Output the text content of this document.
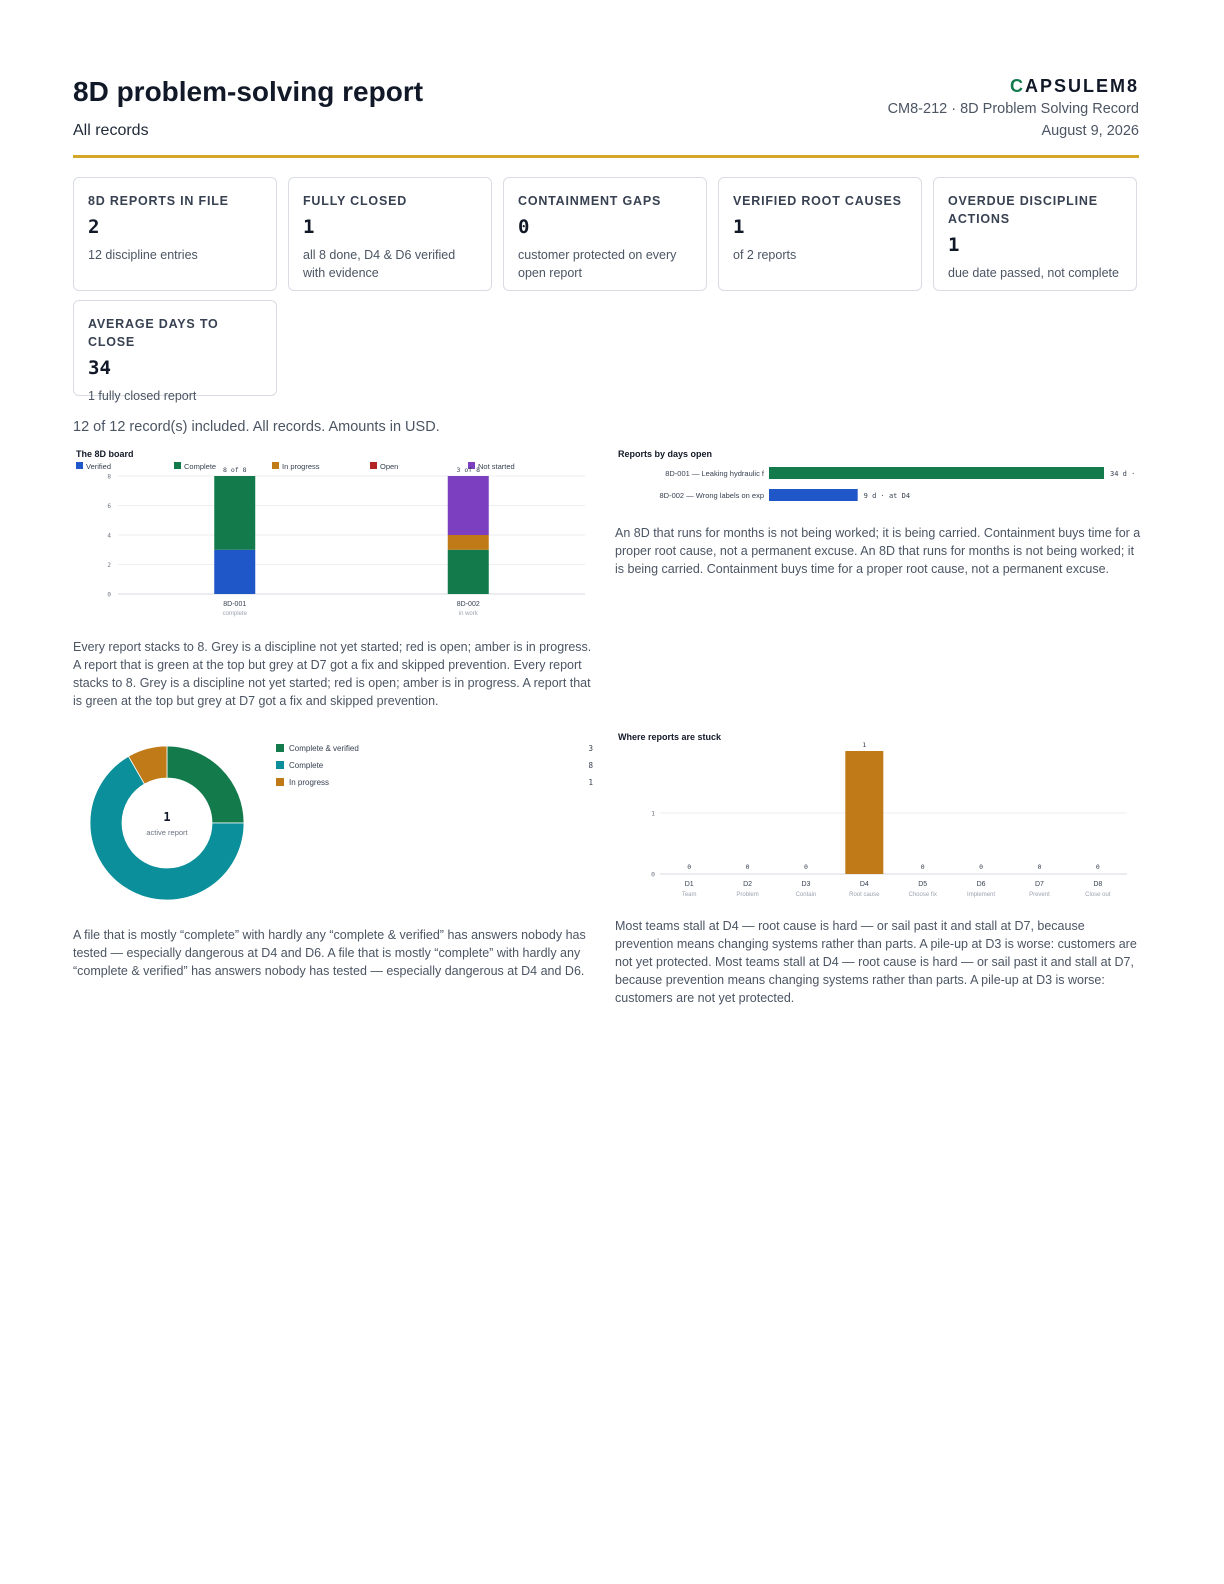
8D problem-solving report
All records
CAPSULEM8
CM8-212 · 8D Problem Solving Record
August 9, 2026
8D REPORTS IN FILE
2
12 discipline entries
FULLY CLOSED
1
all 8 done, D4 & D6 verified with evidence
CONTAINMENT GAPS
0
customer protected on every open report
VERIFIED ROOT CAUSES
1
of 2 reports
OVERDUE DISCIPLINE ACTIONS
1
due date passed, not complete
AVERAGE DAYS TO CLOSE
34
1 fully closed report
12 of 12 record(s) included. All records. Amounts in USD.
The 8D board
Verified	Complete	In progress	Open	Not started
0
2
4
6
8
8 of 8
8D-001
complete
3 of 8
8D-002
in work
Every report stacks to 8. Grey is a discipline not yet started; red is open; amber is in progress. A report that is green at the top but grey at D7 got a fix and skipped prevention. Every report stacks to 8. Grey is a discipline not yet started; red is open; amber is in progress. A report that is green at the top but grey at D7 got a fix and skipped prevention.
Reports by days open
8D-001 — Leaking hydraulic f	34 d ·
8D-002 — Wrong labels on exp	9 d · at D4
An 8D that runs for months is not being worked; it is being carried. Containment buys time for a proper root cause, not a permanent excuse. An 8D that runs for months is not being worked; it is being carried. Containment buys time for a proper root cause, not a permanent excuse.
1
active report
Complete & verified	3
Complete	8
In progress	1
A file that is mostly “complete” with hardly any “complete & verified” has answers nobody has tested — especially dangerous at D4 and D6. A file that is mostly “complete” with hardly any “complete & verified” has answers nobody has tested — especially dangerous at D4 and D6.
Where reports are stuck
0
1
0
D1
Team
0
D2
Problem
0
D3
Contain
1
D4
Root cause
0
D5
Choose fix
0
D6
Implement
0
D7
Prevent
0
D8
Close out
Most teams stall at D4 — root cause is hard — or sail past it and stall at D7, because prevention means changing systems rather than parts. A pile-up at D3 is worse: customers are not yet protected. Most teams stall at D4 — root cause is hard — or sail past it and stall at D7, because prevention means changing systems rather than parts. A pile-up at D3 is worse: customers are not yet protected.
